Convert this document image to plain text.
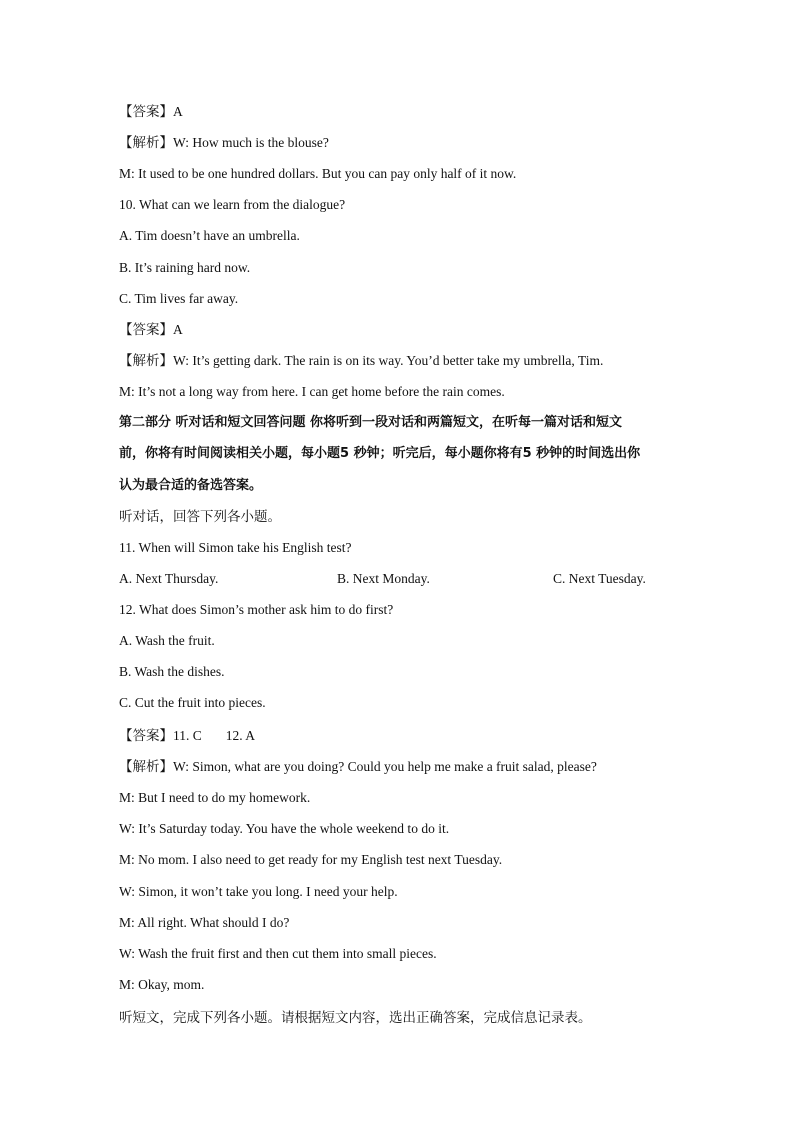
【答案】A
【解析】W: How much is the blouse?
M: It used to be one hundred dollars. But you can pay only half of it now.
10. What can we learn from the dialogue?
A. Tim doesn’t have an umbrella.
B. It’s raining hard now.
C. Tim lives far away.
【答案】A
【解析】W: It’s getting dark. The rain is on its way. You’d better take my umbrella, Tim.
M: It’s not a long way from here. I can get home before the rain comes.
第二部分 听对话和短文回答问题 你将听到一段对话和两篇短文，在听每一篇对话和短文
前，你将有时间阅读相关小题，每小题5 秒钟；听完后，每小题你将有5 秒钟的时间选出你
认为最合适的备选答案。
听对话，回答下列各小题。
11. When will Simon take his English test?
A. Next Thursday.	B. Next Monday.	C. Next Tuesday.
12. What does Simon’s mother ask him to do first?
A. Wash the fruit.
B. Wash the dishes.
C. Cut the fruit into pieces.
【答案】11. C 12. A
【解析】W: Simon, what are you doing? Could you help me make a fruit salad, please?
M: But I need to do my homework.
W: It’s Saturday today. You have the whole weekend to do it.
M: No mom. I also need to get ready for my English test next Tuesday.
W: Simon, it won’t take you long. I need your help.
M: All right. What should I do?
W: Wash the fruit first and then cut them into small pieces.
M: Okay, mom.
听短文，完成下列各小题。请根据短文内容，选出正确答案，完成信息记录表。
